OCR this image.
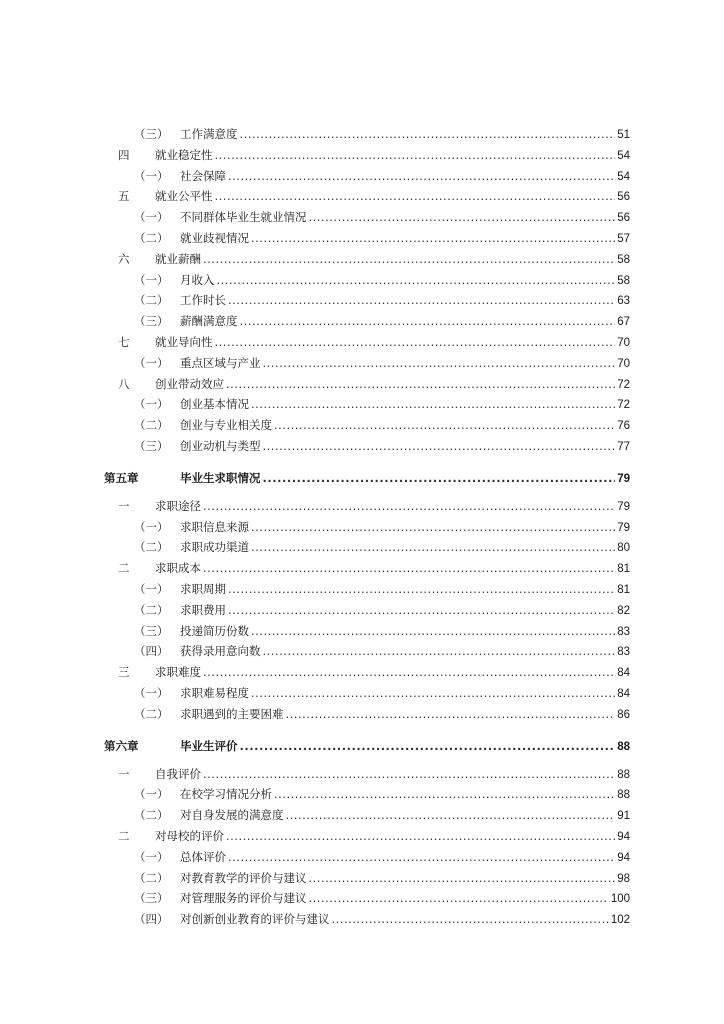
（三） 工作满意度 .....	51
四 就业稳定性 .....	54
（一） 社会保障 .....	54
五 就业公平性 .....	56
（一） 不同群体毕业生就业情况 .....	56
（二） 就业歧视情况 .....	57
六 就业薪酬 .....	58
（一） 月收入 .....	58
（二） 工作时长 .....	63
（三） 薪酬满意度 .....	67
七 就业导向性 .....	70
（一） 重点区域与产业 .....	70
八 创业带动效应 .....	72
（一） 创业基本情况 .....	72
（二） 创业与专业相关度 .....	76
（三） 创业动机与类型 .....	77
第五章	毕业生求职情况 .....	79
一 求职途径 .....	79
（一） 求职信息来源 .....	79
（二） 求职成功渠道 .....	80
二 求职成本 .....	81
（一） 求职周期 .....	81
（二） 求职费用 .....	82
（三） 投递简历份数 .....	83
（四） 获得录用意向数 .....	83
三 求职难度 .....	84
（一） 求职难易程度 .....	84
（二） 求职遇到的主要困难 .....	86
第六章	毕业生评价 .....	88
一 自我评价 .....	88
（一） 在校学习情况分析 .....	88
（二） 对自身发展的满意度 .....	91
二 对母校的评价 .....	94
（一） 总体评价 .....	94
（二） 对教育教学的评价与建议 .....	98
（三） 对管理服务的评价与建议 .....	100
（四） 对创新创业教育的评价与建议 .....	102
